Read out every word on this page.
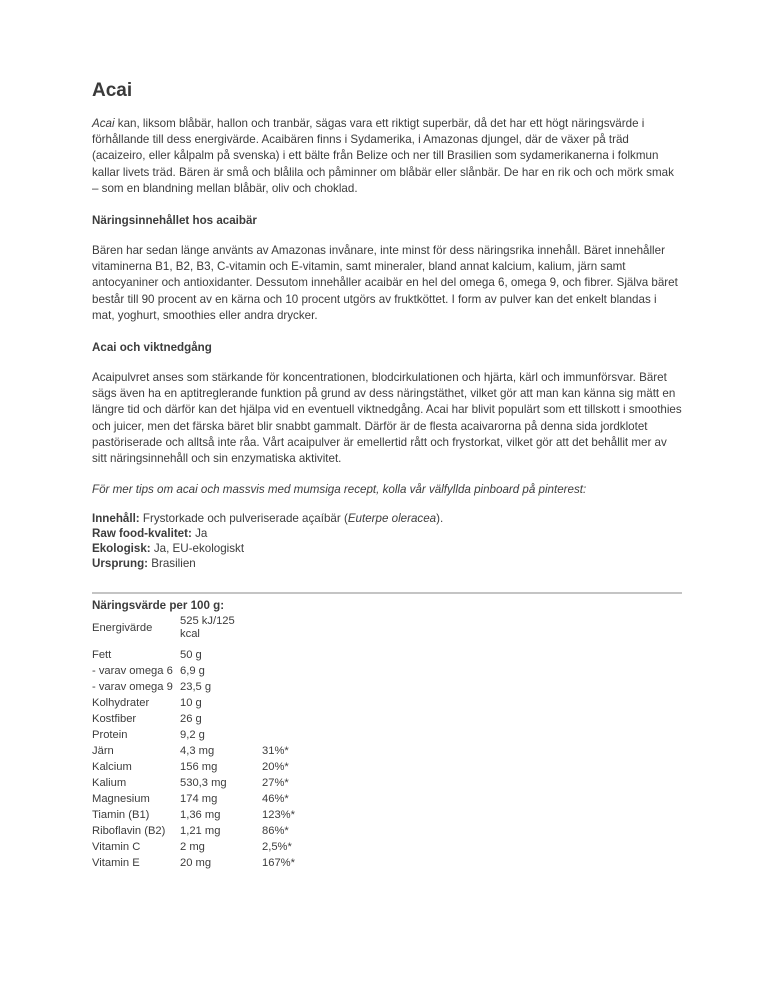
Acai

Acai kan, liksom blåbär, hallon och tranbär, sägas vara ett riktigt superbär, då det har ett högt näringsvärde i förhållande till dess energivärde. Acaibären finns i Sydamerika, i Amazonas djungel, där de växer på träd (acaizeiro, eller kålpalm på svenska) i ett bälte från Belize och ner till Brasilien som sydamerikanerna i folkmun kallar livets träd. Bären är små och blålila och påminner om blåbär eller slånbär. De har en rik och och mörk smak – som en blandning mellan blåbär, oliv och choklad.

Näringsinnehållet hos acaibär

Bären har sedan länge använts av Amazonas invånare, inte minst för dess näringsrika innehåll. Bäret innehåller vitaminerna B1, B2, B3, C-vitamin och E-vitamin, samt mineraler, bland annat kalcium, kalium, järn samt antocyaniner och antioxidanter. Dessutom innehåller acaibär en hel del omega 6, omega 9, och fibrer. Själva bäret består till 90 procent av en kärna och 10 procent utgörs av fruktköttet. I form av pulver kan det enkelt blandas i mat, yoghurt, smoothies eller andra drycker.

Acai och viktnedgång

Acaipulvret anses som stärkande för koncentrationen, blodcirkulationen och hjärta, kärl och immunförsvar. Bäret sägs även ha en aptitreglerande funktion på grund av dess näringstäthet, vilket gör att man kan känna sig mätt en längre tid och därför kan det hjälpa vid en eventuell viktnedgång. Acai har blivit populärt som ett tillskott i smoothies och juicer, men det färska bäret blir snabbt gammalt. Därför är de flesta acaivarorna på denna sida jordklotet pastöriserade och alltså inte råa. Vårt acaipulver är emellertid rått och frystorkat, vilket gör att det behållit mer av sitt näringsinnehåll och sin enzymatiska aktivitet.

För mer tips om acai och massvis med mumsiga recept, kolla vår välfyllda pinboard på pinterest:

Innehåll: Frystorkade och pulveriserade açaíbär (Euterpe oleracea).
Raw food-kvalitet: Ja
Ekologisk: Ja, EU-ekologiskt
Ursprung: Brasilien
Näringsvärde per 100 g:
Energivärde	525 kJ/125
kcal	
Fett	50 g	
- varav omega 6	6,9 g	
- varav omega 9	23,5 g	
Kolhydrater	10 g	
Kostfiber	26 g	
Protein	9,2 g	
Järn	4,3 mg	31%*
Kalcium	156 mg	20%*
Kalium	530,3 mg	27%*
Magnesium	174 mg	46%*
Tiamin (B1)	1,36 mg	123%*
Riboflavin (B2)	1,21 mg	86%*
Vitamin C	2 mg	2,5%*
Vitamin E	20 mg	167%*
